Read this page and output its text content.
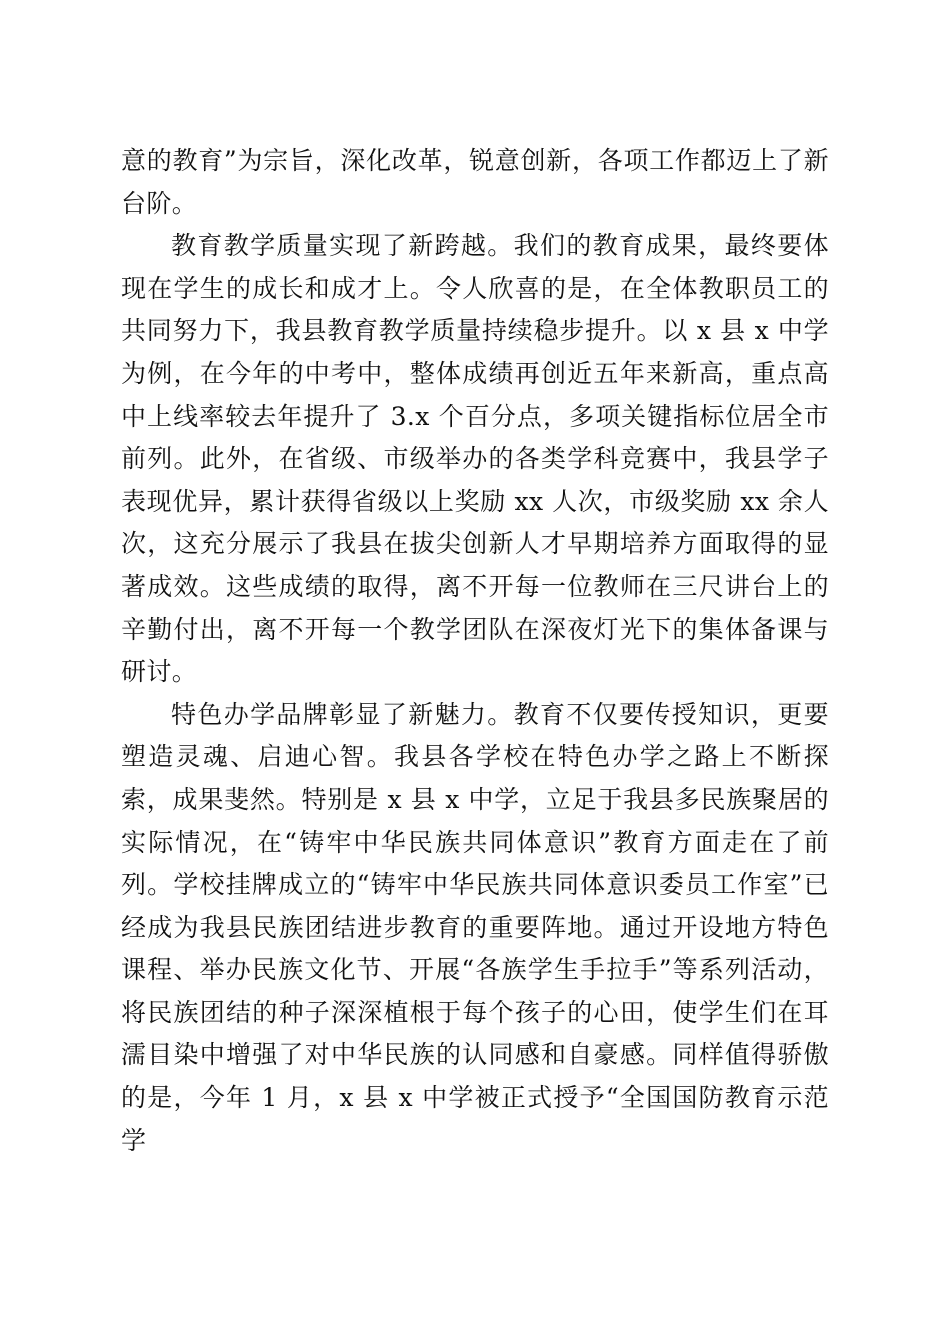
意的教育”为宗旨，深化改革，锐意创新，各项工作都迈上了新台阶。

教育教学质量实现了新跨越。我们的教育成果，最终要体现在学生的成长和成才上。令人欣喜的是，在全体教职员工的共同努力下，我县教育教学质量持续稳步提升。以 x 县 x 中学为例，在今年的中考中，整体成绩再创近五年来新高，重点高中上线率较去年提升了 3.x 个百分点，多项关键指标位居全市前列。此外，在省级、市级举办的各类学科竞赛中，我县学子表现优异，累计获得省级以上奖励 xx 人次，市级奖励 xx 余人次，这充分展示了我县在拔尖创新人才早期培养方面取得的显著成效。这些成绩的取得，离不开每一位教师在三尺讲台上的辛勤付出，离不开每一个教学团队在深夜灯光下的集体备课与研讨。

特色办学品牌彰显了新魅力。教育不仅要传授知识，更要塑造灵魂、启迪心智。我县各学校在特色办学之路上不断探索，成果斐然。特别是 x 县 x 中学，立足于我县多民族聚居的实际情况，在“铸牢中华民族共同体意识”教育方面走在了前列。学校挂牌成立的“铸牢中华民族共同体意识委员工作室”已经成为我县民族团结进步教育的重要阵地。通过开设地方特色课程、举办民族文化节、开展“各族学生手拉手”等系列活动，将民族团结的种子深深植根于每个孩子的心田，使学生们在耳濡目染中增强了对中华民族的认同感和自豪感。同样值得骄傲的是，今年 1 月，x 县 x 中学被正式授予“全国国防教育示范学
